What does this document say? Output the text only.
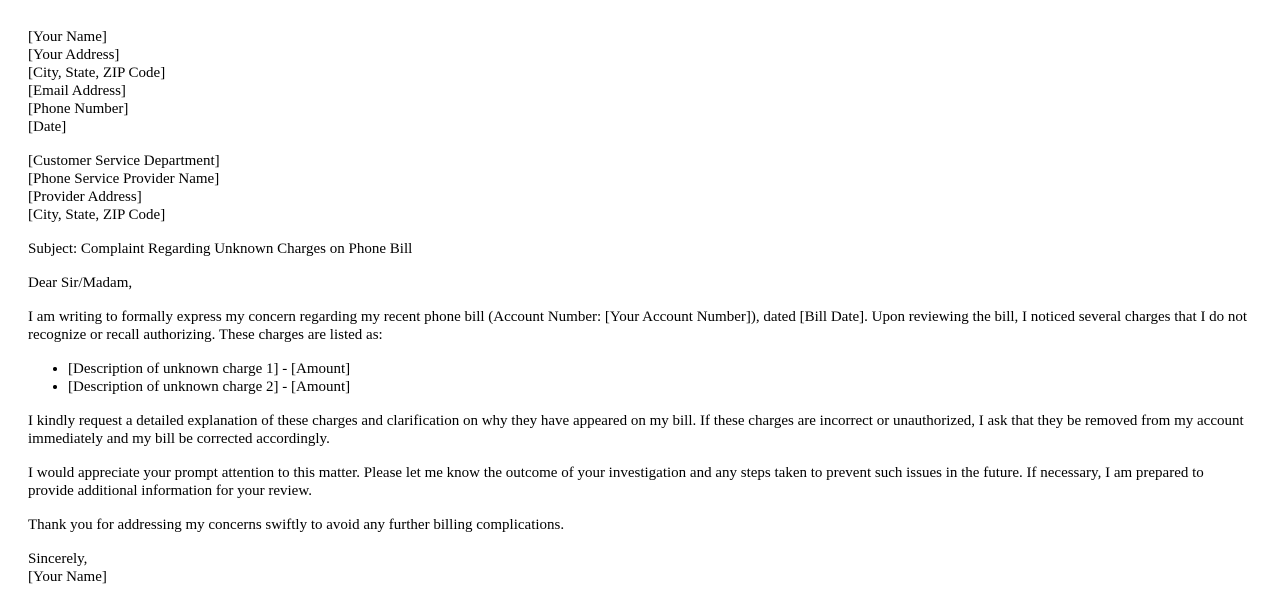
[Your Name]
[Your Address]
[City, State, ZIP Code]
[Email Address]
[Phone Number]
[Date]
[Customer Service Department]
[Phone Service Provider Name]
[Provider Address]
[City, State, ZIP Code]

Subject: Complaint Regarding Unknown Charges on Phone Bill

Dear Sir/Madam,

I am writing to formally express my concern regarding my recent phone bill (Account Number: [Your Account Number]), dated [Bill Date]. Upon reviewing the bill, I noticed several charges that I do not recognize or recall authorizing. These charges are listed as:

• [Description of unknown charge 1] - [Amount]
• [Description of unknown charge 2] - [Amount]

I kindly request a detailed explanation of these charges and clarification on why they have appeared on my bill. If these charges are incorrect or unauthorized, I ask that they be removed from my account immediately and my bill be corrected accordingly.

I would appreciate your prompt attention to this matter. Please let me know the outcome of your investigation and any steps taken to prevent such issues in the future. If necessary, I am prepared to provide additional information for your review.

Thank you for addressing my concerns swiftly to avoid any further billing complications.

Sincerely,
[Your Name]
